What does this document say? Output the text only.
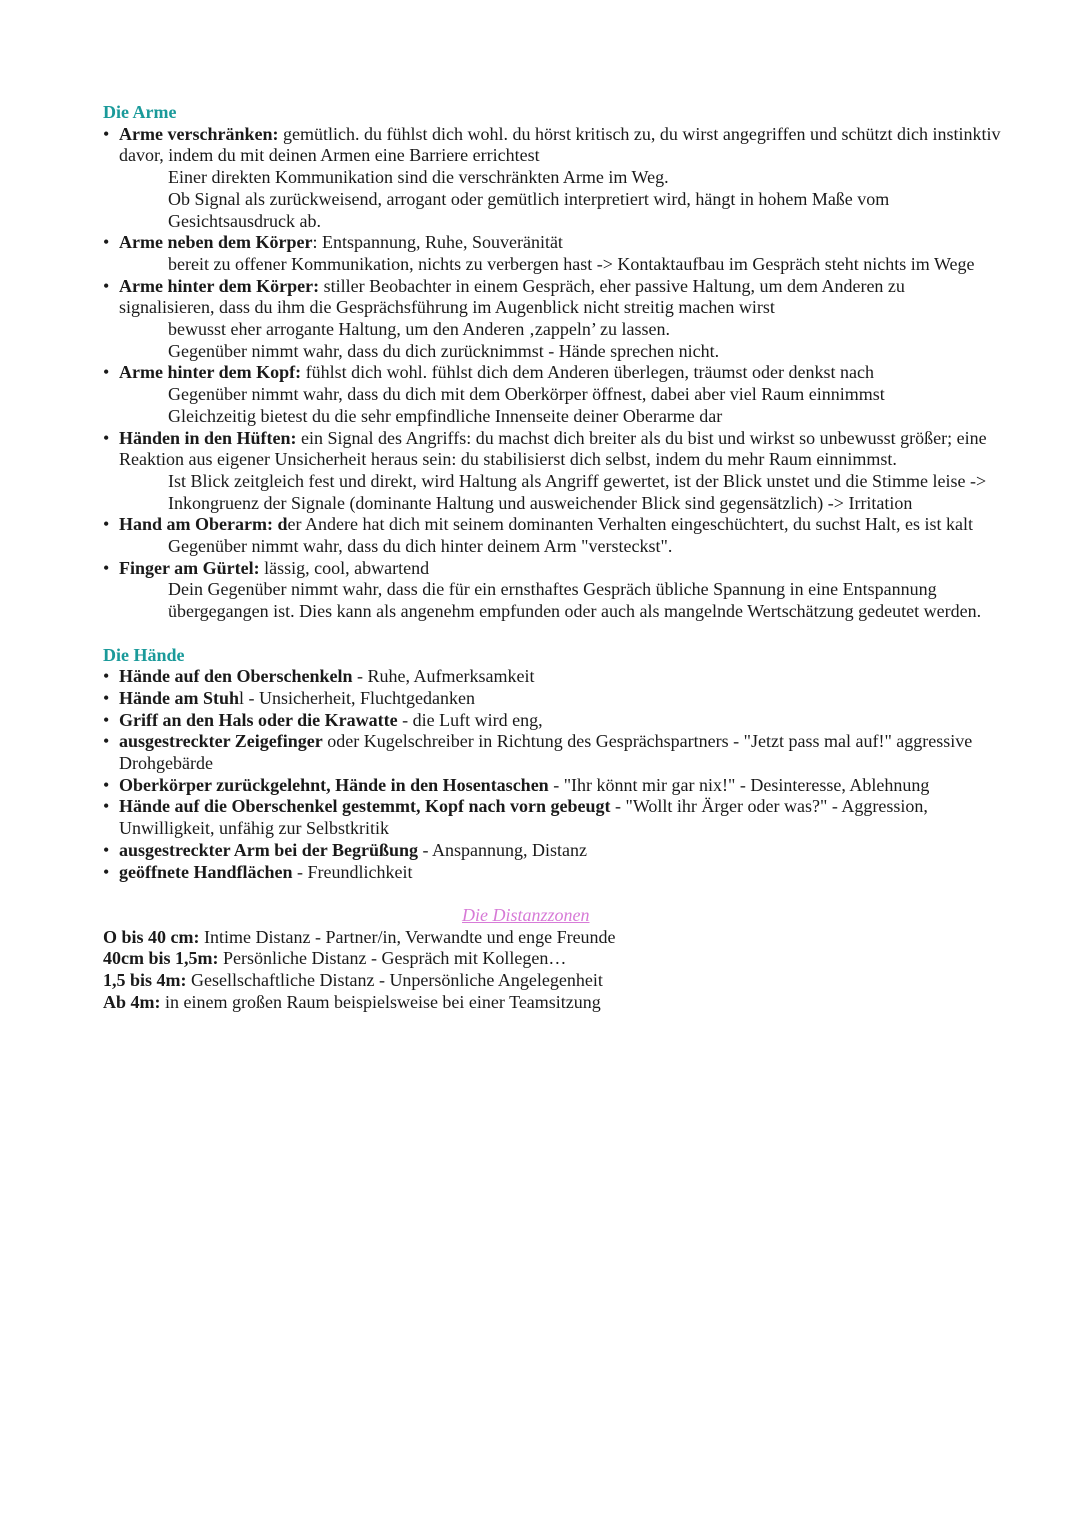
Die Arme
• Arme verschränken: gemütlich. du fühlst dich wohl. du hörst kritisch zu, du wirst angegriffen und schützt dich instinktiv davor, indem du mit deinen Armen eine Barriere errichtest
Einer direkten Kommunikation sind die verschränkten Arme im Weg.
Ob Signal als zurückweisend, arrogant oder gemütlich interpretiert wird, hängt in hohem Maße vom Gesichtsausdruck ab.
• Arme neben dem Körper: Entspannung, Ruhe, Souveränität
bereit zu offener Kommunikation, nichts zu verbergen hast -> Kontaktaufbau im Gespräch steht nichts im Wege
• Arme hinter dem Körper: stiller Beobachter in einem Gespräch, eher passive Haltung, um dem Anderen zu signalisieren, dass du ihm die Gesprächsführung im Augenblick nicht streitig machen wirst
bewusst eher arrogante Haltung, um den Anderen ‚zappeln’ zu lassen.
Gegenüber nimmt wahr, dass du dich zurücknimmst - Hände sprechen nicht.
• Arme hinter dem Kopf: fühlst dich wohl. fühlst dich dem Anderen überlegen, träumst oder denkst nach
Gegenüber nimmt wahr, dass du dich mit dem Oberkörper öffnest, dabei aber viel Raum einnimmst
Gleichzeitig bietest du die sehr empfindliche Innenseite deiner Oberarme dar
• Händen in den Hüften: ein Signal des Angriffs: du machst dich breiter als du bist und wirkst so unbewusst größer; eine Reaktion aus eigener Unsicherheit heraus sein: du stabilisierst dich selbst, indem du mehr Raum einnimmst.
Ist Blick zeitgleich fest und direkt, wird Haltung als Angriff gewertet, ist der Blick unstet und die Stimme leise -> Inkongruenz der Signale (dominante Haltung und ausweichender Blick sind gegensätzlich) -> Irritation
• Hand am Oberarm: der Andere hat dich mit seinem dominanten Verhalten eingeschüchtert, du suchst Halt, es ist kalt
Gegenüber nimmt wahr, dass du dich hinter deinem Arm "versteckst".
• Finger am Gürtel: lässig, cool, abwartend
Dein Gegenüber nimmt wahr, dass die für ein ernsthaftes Gespräch übliche Spannung in eine Entspannung übergegangen ist. Dies kann als angenehm empfunden oder auch als mangelnde Wertschätzung gedeutet werden.
Die Hände
• Hände auf den Oberschenkeln - Ruhe, Aufmerksamkeit
• Hände am Stuhl - Unsicherheit, Fluchtgedanken
• Griff an den Hals oder die Krawatte - die Luft wird eng,
• ausgestreckter Zeigefinger oder Kugelschreiber in Richtung des Gesprächspartners - "Jetzt pass mal auf!" aggressive Drohgebärde
• Oberkörper zurückgelehnt, Hände in den Hosentaschen - "Ihr könnt mir gar nix!" - Desinteresse, Ablehnung
• Hände auf die Oberschenkel gestemmt, Kopf nach vorn gebeugt - "Wollt ihr Ärger oder was?" - Aggression, Unwilligkeit, unfähig zur Selbstkritik
• ausgestreckter Arm bei der Begrüßung - Anspannung, Distanz
• geöffnete Handflächen - Freundlichkeit
Die Distanzzonen
O bis 40 cm: Intime Distanz - Partner/in, Verwandte und enge Freunde
40cm bis 1,5m: Persönliche Distanz - Gespräch mit Kollegen…
1,5 bis 4m: Gesellschaftliche Distanz - Unpersönliche Angelegenheit
Ab 4m: in einem großen Raum beispielsweise bei einer Teamsitzung
